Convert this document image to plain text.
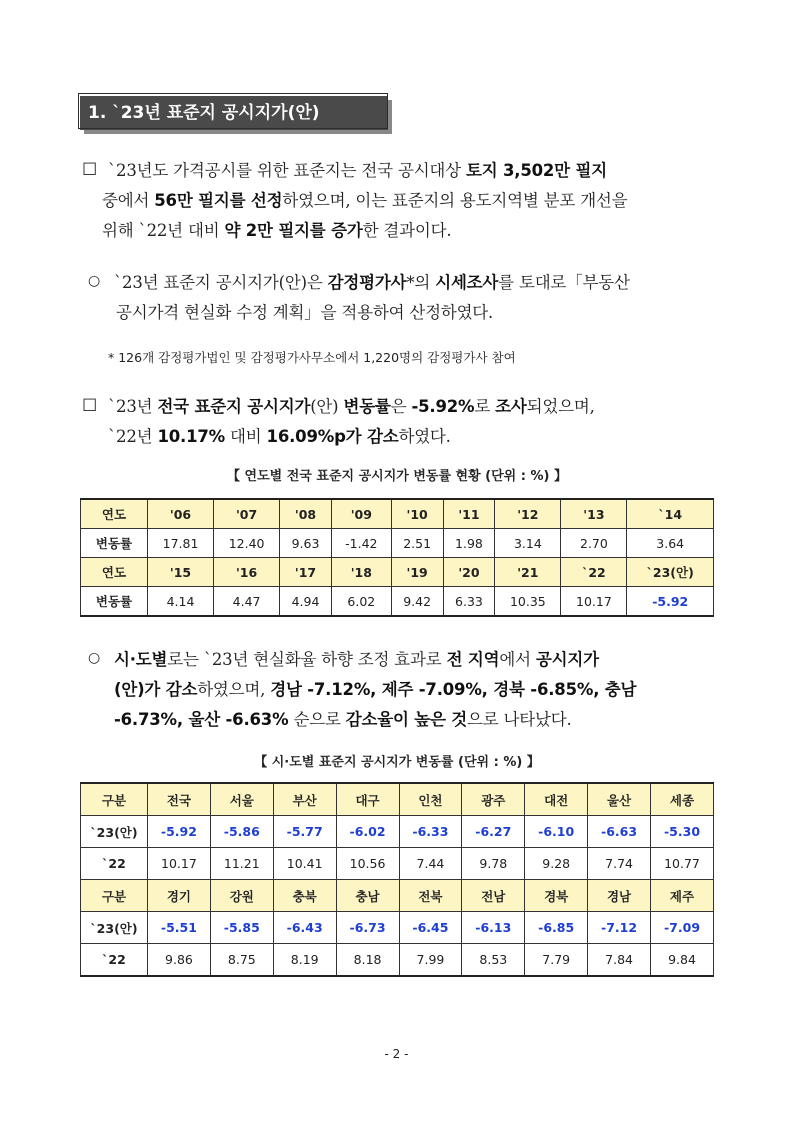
1. `23년 표준지 공시지가(안)
☐ `23년도 가격공시를 위한 표준지는 전국 공시대상 토지 3,502만 필지
중에서 56만 필지를 선정하였으며, 이는 표준지의 용도지역별 분포 개선을
위해 `22년 대비 약 2만 필지를 증가한 결과이다.
○ `23년 표준지 공시지가(안)은 감정평가사*의 시세조사를 토대로「부동산
공시가격 현실화 수정 계획」을 적용하여 산정하였다.
* 126개 감정평가법인 및 감정평가사무소에서 1,220명의 감정평가사 참여
☐ `23년 전국 표준지 공시지가(안) 변동률은 -5.92%로 조사되었으며,
`22년 10.17% 대비 16.09%p가 감소하였다.
【 연도별 전국 표준지 공시지가 변동률 현황 (단위 : %) 】
연도	'06	'07	'08	'09	'10	'11	'12	'13	`14
변동률	17.81	12.40	9.63	-1.42	2.51	1.98	3.14	2.70	3.64
연도	'15	'16	'17	'18	'19	'20	'21	`22	`23(안)
변동률	4.14	4.47	4.94	6.02	9.42	6.33	10.35	10.17	-5.92
○ 시·도별로는 `23년 현실화율 하향 조정 효과로 전 지역에서 공시지가
(안)가 감소하였으며, 경남 -7.12%, 제주 -7.09%, 경북 -6.85%, 충남
-6.73%, 울산 -6.63% 순으로 감소율이 높은 것으로 나타났다.
【 시·도별 표준지 공시지가 변동률 (단위 : %) 】
구분	전국	서울	부산	대구	인천	광주	대전	울산	세종
`23(안)	-5.92	-5.86	-5.77	-6.02	-6.33	-6.27	-6.10	-6.63	-5.30
`22	10.17	11.21	10.41	10.56	7.44	9.78	9.28	7.74	10.77
구분	경기	강원	충북	충남	전북	전남	경북	경남	제주
`23(안)	-5.51	-5.85	-6.43	-6.73	-6.45	-6.13	-6.85	-7.12	-7.09
`22	9.86	8.75	8.19	8.18	7.99	8.53	7.79	7.84	9.84
- 2 -
